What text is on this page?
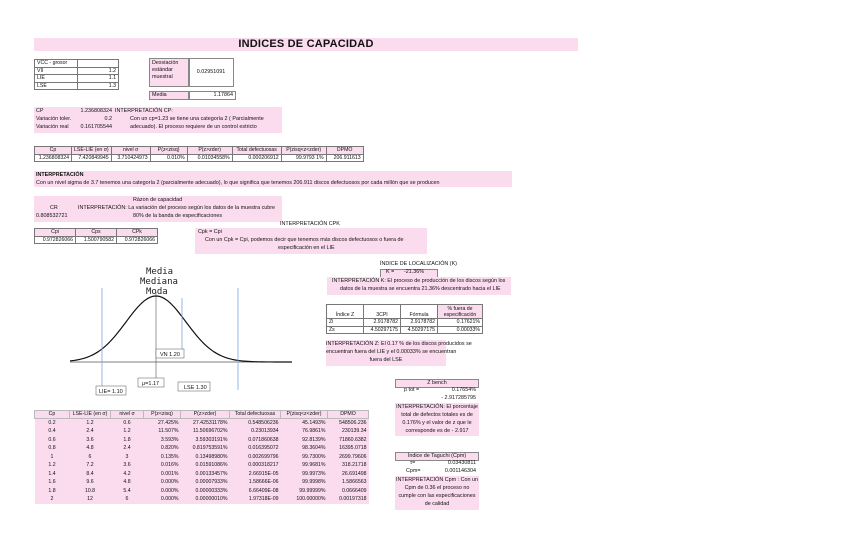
INDICES DE CAPACIDAD
VCC - grosor	
VII	1.2
LIE	1.1
LSE	1.3
Desviación
estándar
muestral
0.02951091
Media	1.17864
CP	1.236808324 INTERPRETACIÓN CP:
Variación toler.	0.2	Con un cp=1.23 se tiene una categoría 2 ( Parcialmente
Variación real	0.161705544	adecuado). El proceso requiere de un control estricto
Cp	LSE-LIE (en σ)	nivel σ	P(z<zisq)	P(z>zder)	Total defectuosas	P(zisq<z<zder)	DPMO
1.236808324	7.420849945	3.710424973	0.010%	0.01034558%	0.000206912	99.9793 1%	206.911613
INTERPRETACIÓN
Con un nivel sigma de 3.7 tenemos una categoría 2 (parcialmente adecuado), lo que significa que tenemos 206.911 discos defectuosos por cada millón que se producen
Rázon de capacidad
CR	INTERPRETACIÓN: La variación del proceso según los datos de la muestra cubre
0.808532721	80% de la banda de especificaciones
Cpi	Cps	CPk
0.972826066	1.500790582	0.972826066
INTERPRETACIÓN CPK
Cpk = Cpi
Con un Cpk = Cpi, podemos decir que tenemos más discos defectuosos o fuera de
especificación en el LIE
Media
Mediana
Moda
VN 1.20
μ=1.17
LIE= 1.10
LSE 1.30
ÍNDICE DE LOCALIZACIÓN (K)
K = -21.36%
INTERPRETACIÓN K: El proceso de producción de los discos según los
datos de la muestra se encuentra 21.36% descentrado hacia el LIE
Índice Z	3CPI	Fórmula	% fuera de especificación
Zi	2.9178782	2.9178782	0.17621%
Zs	4.50297175	4.50297175	0.00033%
INTERPRETACIÓN Z: El 0.17 % de los discos producidos se
encuentran fuera del LIE y el 0.00033% se encuentran
fuera del LSE
Z bench
p tot =	0.17654%
- 2.917285795
INTERPRETACIÓN: El porcentaje
total de defectos totales es de
0.176% y el valor de z que le
corresponde es de - 2.917
Índice de Taguchi (Cpm)
τ=	0.03430811
Cpm=	0.001146304
INTERPRETACIÓN Cpm : Con un
Cpm de 0.36 el proceso no
cumple con las especificaciones
de calidad
Cp	LSE-LIE (en σ)	nivel σ	P(z<zisq)	P(z>zder)	Total defectuosas	P(zisq<z<zder)	DPMO
0.2	1.2	0.6	27.425%	27.42531178%	0.548506236	45.1493%	548506.236
0.4	2.4	1.2	11.507%	11.50696702%	0.23013934	76.9861%	230139.34
0.6	3.6	1.8	3.593%	3.59303191%	0.071860638	92.8139%	71860.6382
0.8	4.8	2.4	0.820%	0.819753591%	0.016395072	98.3604%	16395.0718
1	6	3	0.135%	0.13498980%	0.002699796	99.7300%	2699.79606
1.2	7.2	3.6	0.016%	0.01591086%	0.000318217	99.9681%	318.21718
1.4	8.4	4.2	0.001%	0.00133457%	2.66915E-05	99.9973%	26.691498
1.6	9.6	4.8	0.000%	0.00007933%	1.58666E-06	99.9998%	1.5866563
1.8	10.8	5.4	0.000%	0.00000333%	6.66409E-08	99.99999%	0.0666409
2	12	6	0.000%	0.00000010%	1.97318E-09	100.00000%	0.00197318
